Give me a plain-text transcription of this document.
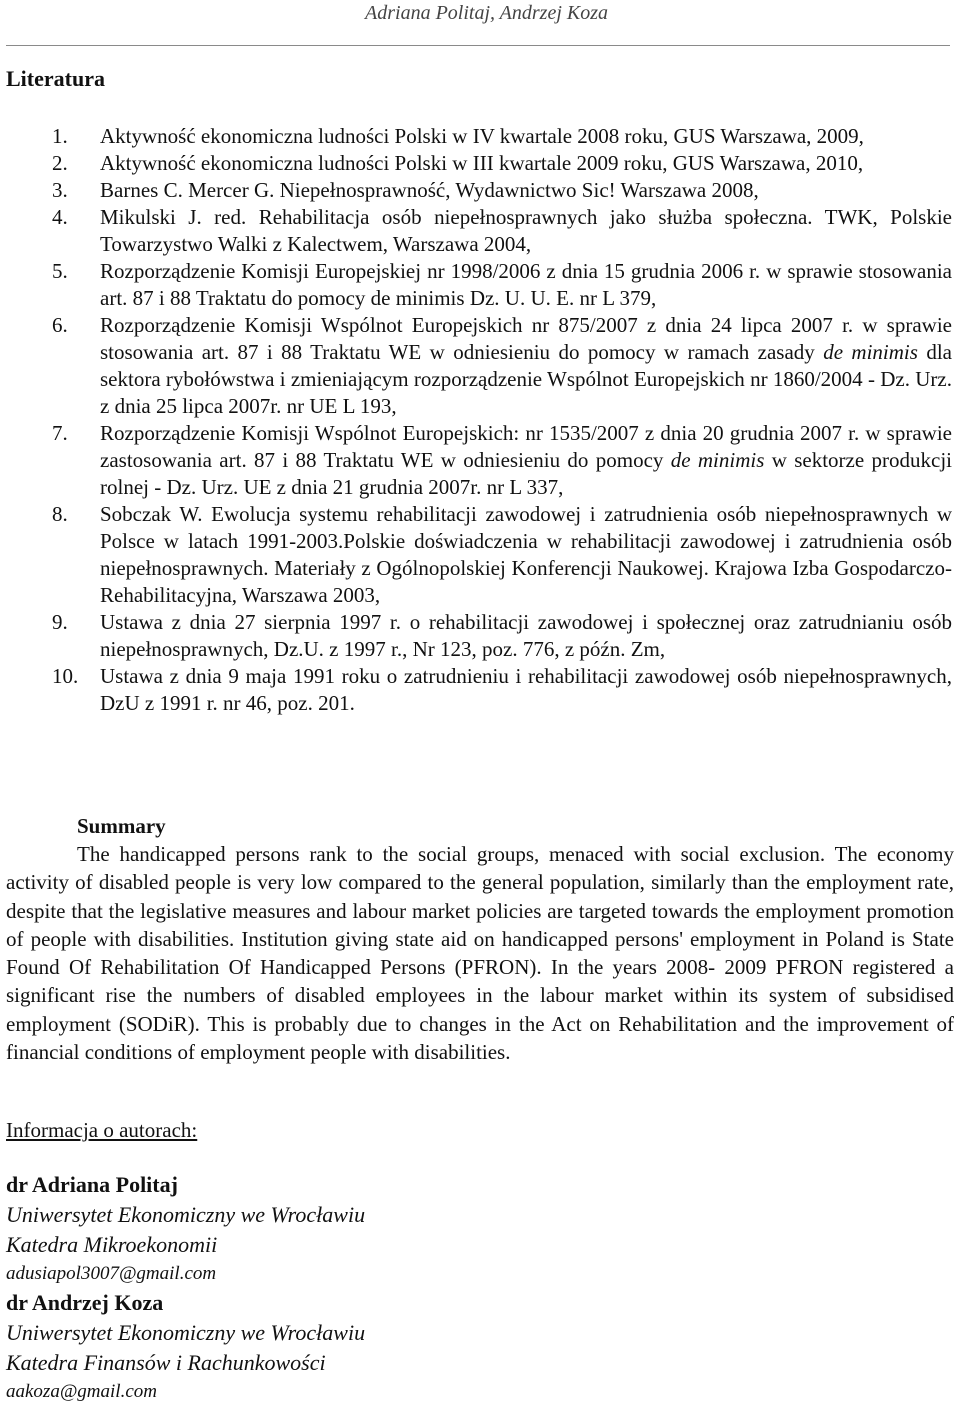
Adriana Politaj, Andrzej Koza
Literatura
1.	Aktywność ekonomiczna ludności Polski w IV kwartale 2008 roku, GUS Warszawa, 2009,
2.	Aktywność ekonomiczna ludności Polski w III kwartale 2009 roku, GUS Warszawa, 2010,
3.	Barnes C. Mercer G. Niepełnosprawność, Wydawnictwo Sic! Warszawa 2008,
4.	Mikulski J. red. Rehabilitacja osób niepełnosprawnych jako służba społeczna. TWK, Polskie Towarzystwo Walki z Kalectwem, Warszawa 2004,
5.	Rozporządzenie Komisji Europejskiej nr 1998/2006 z dnia 15 grudnia 2006 r. w sprawie stosowania art. 87 i 88 Traktatu do pomocy de minimis Dz. U. U. E. nr L 379,
6.	Rozporządzenie Komisji Wspólnot Europejskich nr 875/2007 z dnia 24 lipca 2007 r. w sprawie stosowania art. 87 i 88 Traktatu WE w odniesieniu do pomocy w ramach zasady de minimis dla sektora rybołówstwa i zmieniającym rozporządzenie Wspólnot Europejskich nr 1860/2004 - Dz. Urz. z dnia 25 lipca 2007r. nr UE L 193,
7.	Rozporządzenie Komisji Wspólnot Europejskich: nr 1535/2007 z dnia 20 grudnia 2007 r. w sprawie zastosowania art. 87 i 88 Traktatu WE w odniesieniu do pomocy de minimis w sektorze produkcji rolnej - Dz. Urz. UE z dnia 21 grudnia 2007r. nr L 337,
8.	Sobczak W. Ewolucja systemu rehabilitacji zawodowej i zatrudnienia osób niepełnosprawnych w Polsce w latach 1991-2003.Polskie doświadczenia w rehabilitacji zawodowej i zatrudnienia osób niepełnosprawnych. Materiały z Ogólnopolskiej Konferencji Naukowej. Krajowa Izba Gospodarczo-Rehabilitacyjna, Warszawa 2003,
9.	Ustawa z dnia 27 sierpnia 1997 r. o rehabilitacji zawodowej i społecznej oraz zatrudnianiu osób niepełnosprawnych, Dz.U. z 1997 r., Nr 123, poz. 776, z późn. Zm,
10. Ustawa z dnia 9 maja 1991 roku o zatrudnieniu i rehabilitacji zawodowej osób niepełnosprawnych, DzU z 1991 r. nr 46, poz. 201.
Summary

The handicapped persons rank to the social groups, menaced with social exclusion. The economy activity of disabled people is very low compared to the general population, similarly than the employment rate, despite that the legislative measures and labour market policies are targeted towards the employment promotion of people with disabilities. Institution giving state aid on handicapped persons' employment in Poland is State Found Of Rehabilitation Of Handicapped Persons (PFRON). In the years 2008- 2009 PFRON registered a significant rise the numbers of disabled employees in the labour market within its system of subsidised employment (SODiR). This is probably due to changes in the Act on Rehabilitation and the improvement of financial conditions of employment people with disabilities.

Informacja o autorach:
dr Adriana Politaj
Uniwersytet Ekonomiczny we Wrocławiu
Katedra Mikroekonomii
adusiapol3007@gmail.com
dr Andrzej Koza
Uniwersytet Ekonomiczny we Wrocławiu
Katedra Finansów i Rachunkowości
aakoza@gmail.com
